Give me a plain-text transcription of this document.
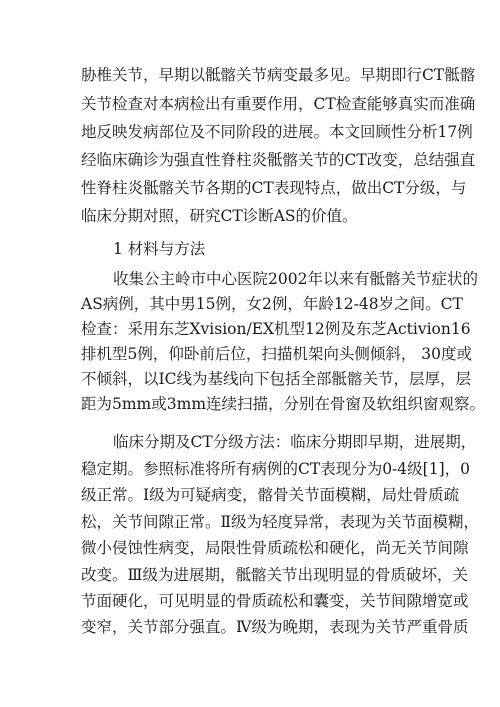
胁椎关节，早期以骶髂关节病变最多见。早期即行CT骶髂
关节检查对本病检出有重要作用，CT检查能够真实而准确
地反映发病部位及不同阶段的进展。本文回顾性分析17例
经临床确诊为强直性脊柱炎骶髂关节的CT改变，总结强直
性脊柱炎骶髂关节各期的CT表现特点，做出CT分级，与
临床分期对照，研究CT诊断AS的价值。
1 材料与方法
收集公主岭市中心医院2002年以来有骶髂关节症状的
AS病例，其中男15例，女2例，年龄12-48岁之间。CT
检查：采用东芝Xvision/EX机型12例及东芝Activion16
排机型5例，仰卧前后位，扫描机架向头侧倾斜， 30度或
不倾斜，以IC线为基线向下包括全部骶髂关节，层厚，层
距为5mm或3mm连续扫描，分别在骨窗及软组织窗观察。
临床分期及CT分级方法：临床分期即早期，进展期，
稳定期。参照标准将所有病例的CT表现分为0-4级[1]，0
级正常。Ⅰ级为可疑病变，髂骨关节面模糊，局灶骨质疏
松，关节间隙正常。Ⅱ级为轻度异常，表现为关节面模糊，
微小侵蚀性病变，局限性骨质疏松和硬化，尚无关节间隙
改变。Ⅲ级为进展期，骶髂关节出现明显的骨质破坏，关
节面硬化，可见明显的骨质疏松和囊变，关节间隙增宽或
变窄，关节部分强直。Ⅳ级为晚期，表现为关节严重骨质
